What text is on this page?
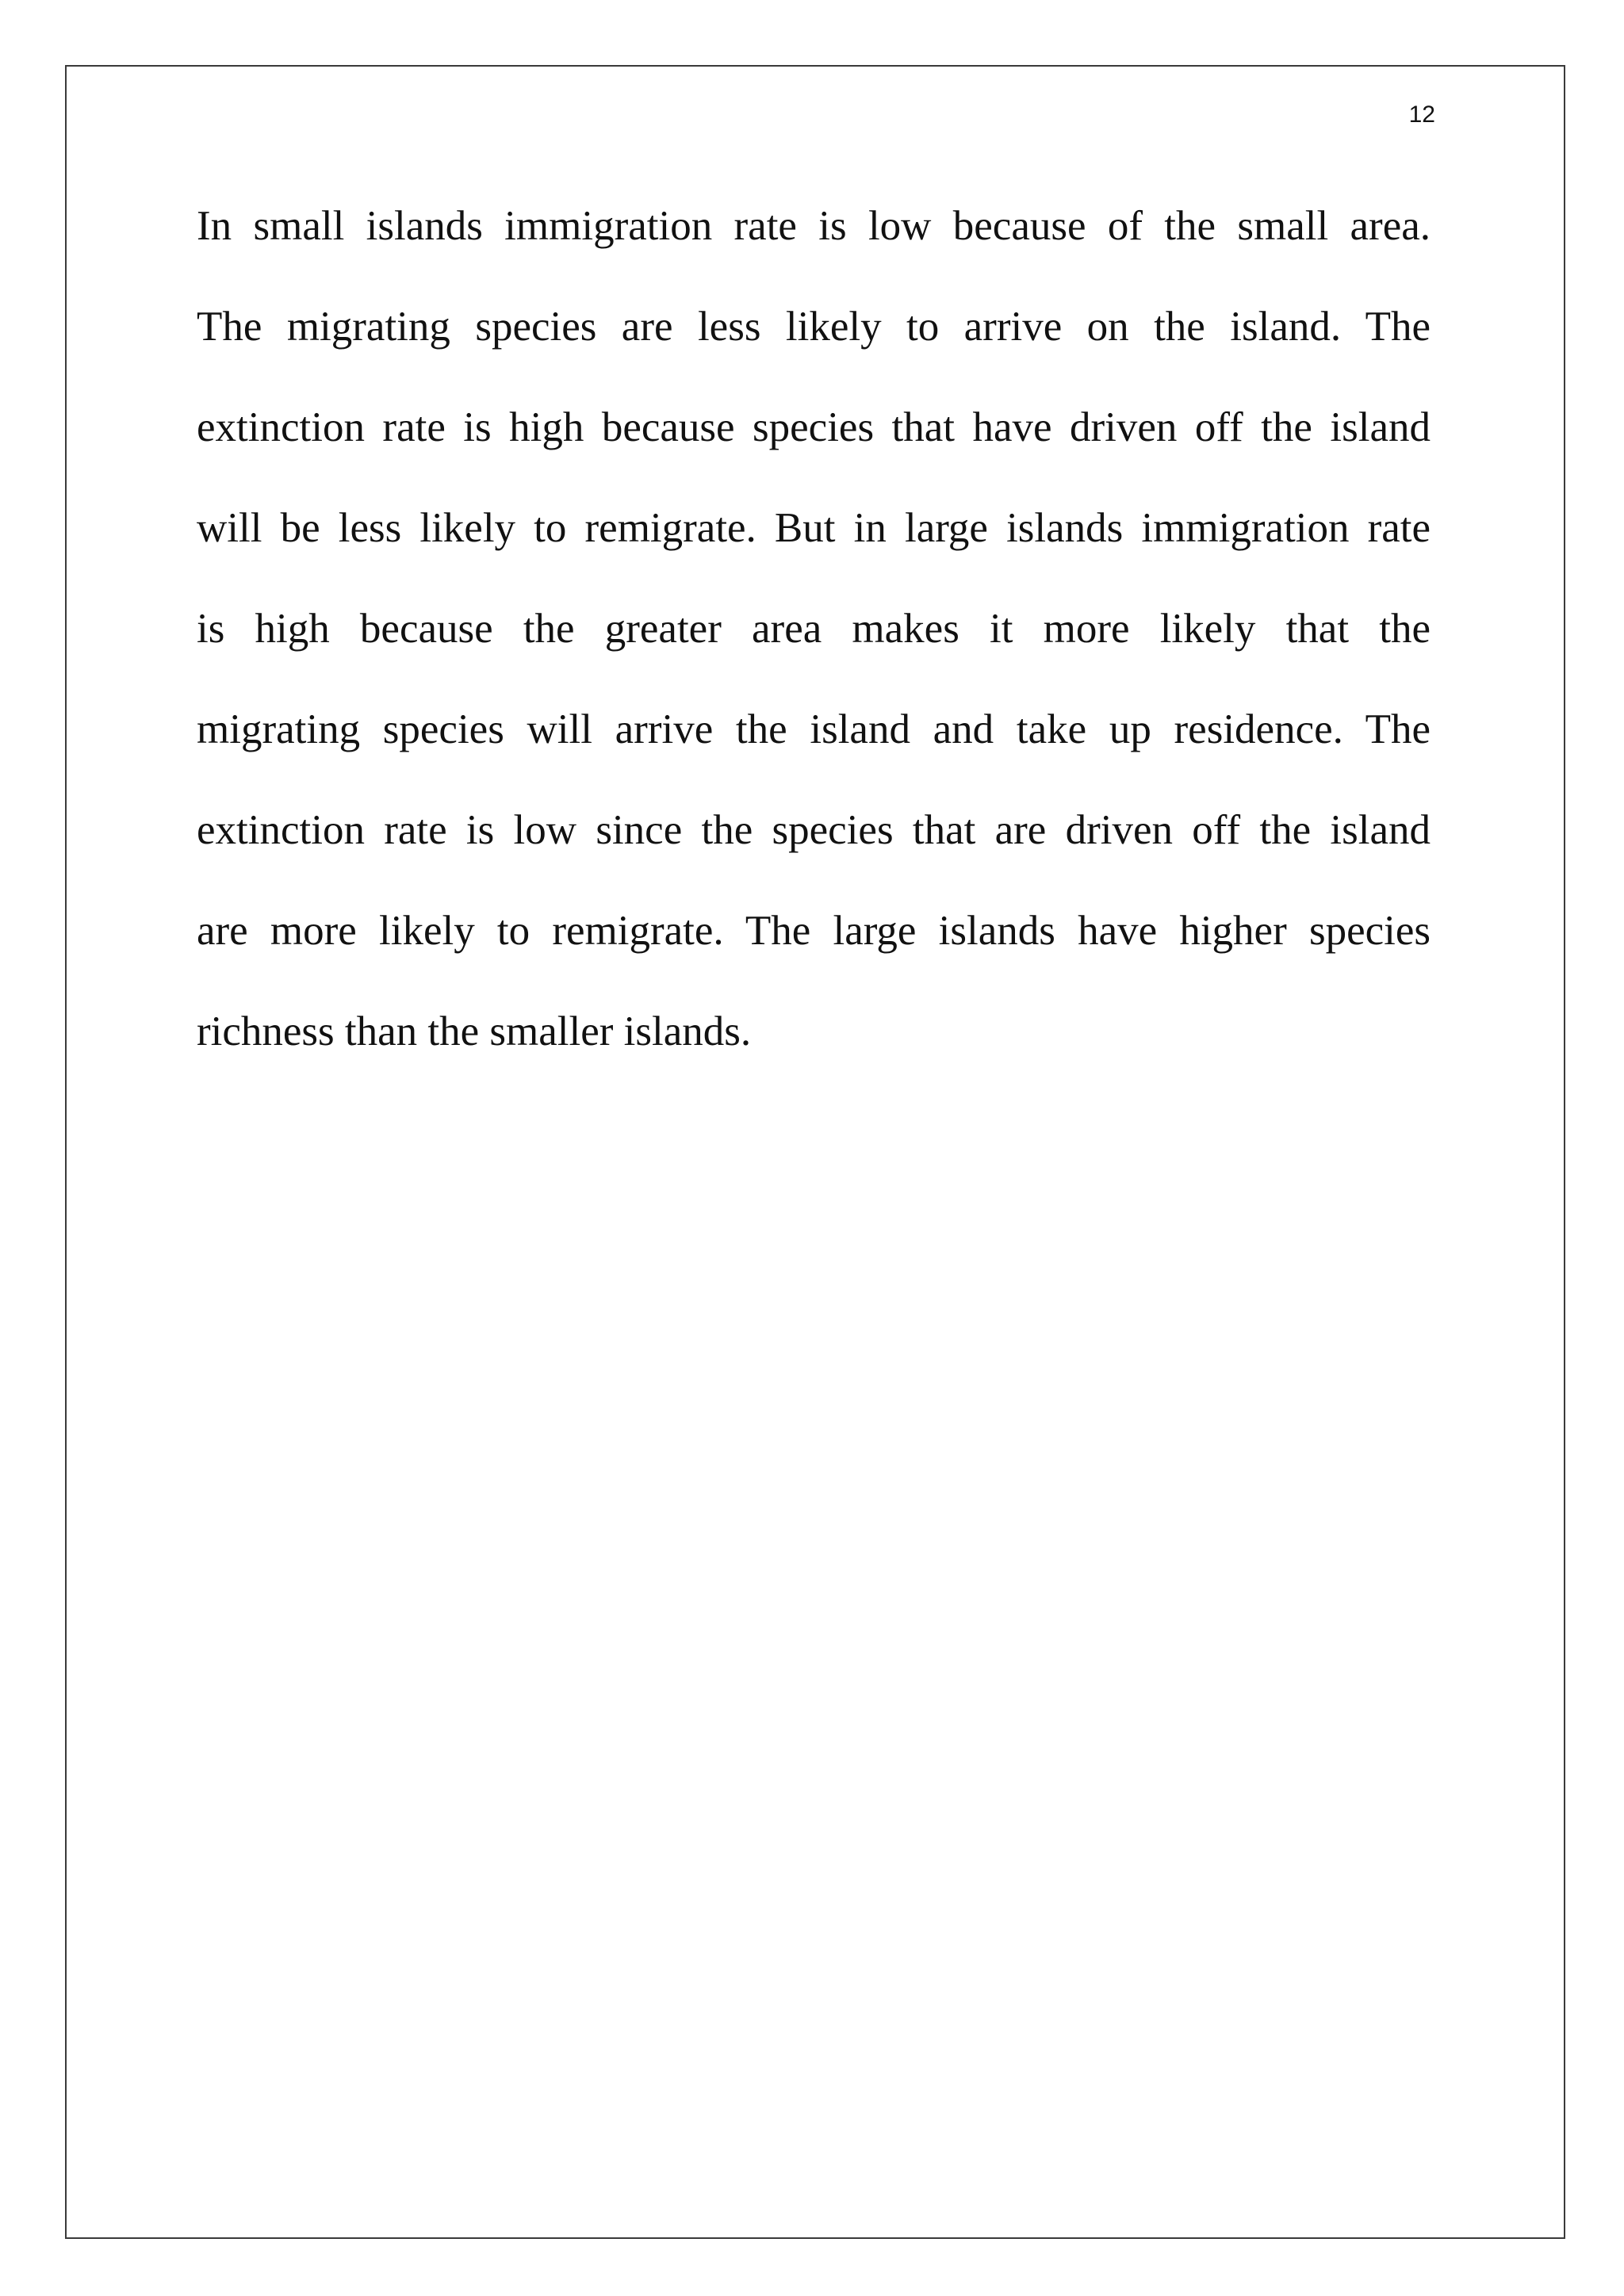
12

In small islands immigration rate is low because of the small area.
The migrating species are less likely to arrive on the island. The
extinction rate is high because species that have driven off the island
will be less likely to remigrate. But in large islands immigration rate
is high because the greater area makes it more likely that the
migrating species will arrive the island and take up residence. The
extinction rate is low since the species that are driven off the island
are more likely to remigrate. The large islands have higher species
richness than the smaller islands.
